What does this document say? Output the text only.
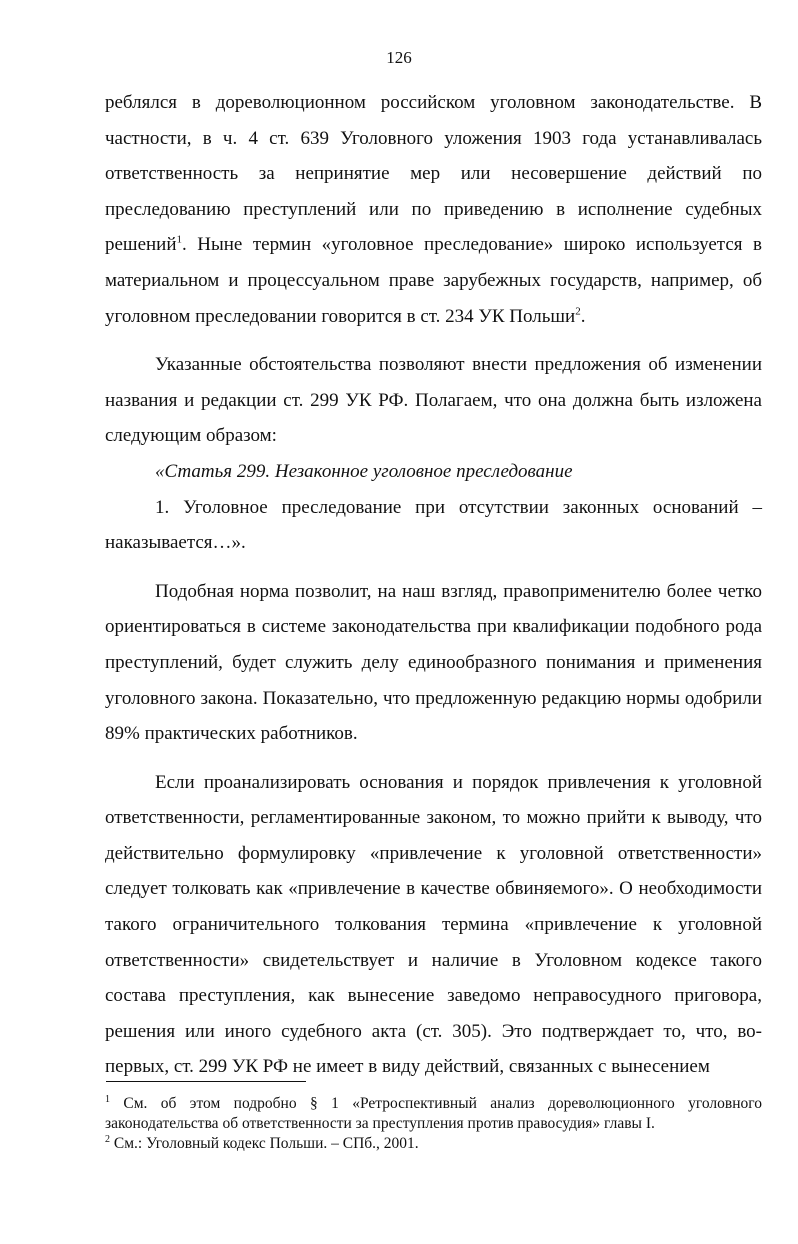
126

реблялся в дореволюционном российском уголовном законодательстве. В частности, в ч. 4 ст. 639 Уголовного уложения 1903 года устанавливалась ответственность за непринятие мер или несовершение действий по преследованию преступлений или по приведению в исполнение судебных решений$^1$. Ныне термин «уголовное преследование» широко используется в материальном и процессуальном праве зарубежных государств, например, об уголовном преследовании говорится в ст. 234 УК Польши$^2$.

Указанные обстоятельства позволяют внести предложения об изменении названия и редакции ст. 299 УК РФ. Полагаем, что она должна быть изложена следующим образом:

«Статья 299. Незаконное уголовное преследование

1. Уголовное преследование при отсутствии законных оснований – наказывается…».

Подобная норма позволит, на наш взгляд, правоприменителю более четко ориентироваться в системе законодательства при квалификации подобного рода преступлений, будет служить делу единообразного понимания и применения уголовного закона. Показательно, что предложенную редакцию нормы одобрили 89% практических работников.

Если проанализировать основания и порядок привлечения к уголовной ответственности, регламентированные законом, то можно прийти к выводу, что действительно формулировку «привлечение к уголовной ответственности» следует толковать как «привлечение в качестве обвиняемого». О необходимости такого ограничительного толкования термина «привлечение к уголовной ответственности» свидетельствует и наличие в Уголовном кодексе такого состава преступления, как вынесение заведомо неправосудного приговора, решения или иного судебного акта (ст. 305). Это подтверждает то, что, во-первых, ст. 299 УК РФ не имеет в виду действий, связанных с вынесением

$^1$ См. об этом подробно § 1 «Ретроспективный анализ дореволюционного уголовного законодательства об ответственности за преступления против правосудия» главы I.

$^2$ См.: Уголовный кодекс Польши. – СПб., 2001.
